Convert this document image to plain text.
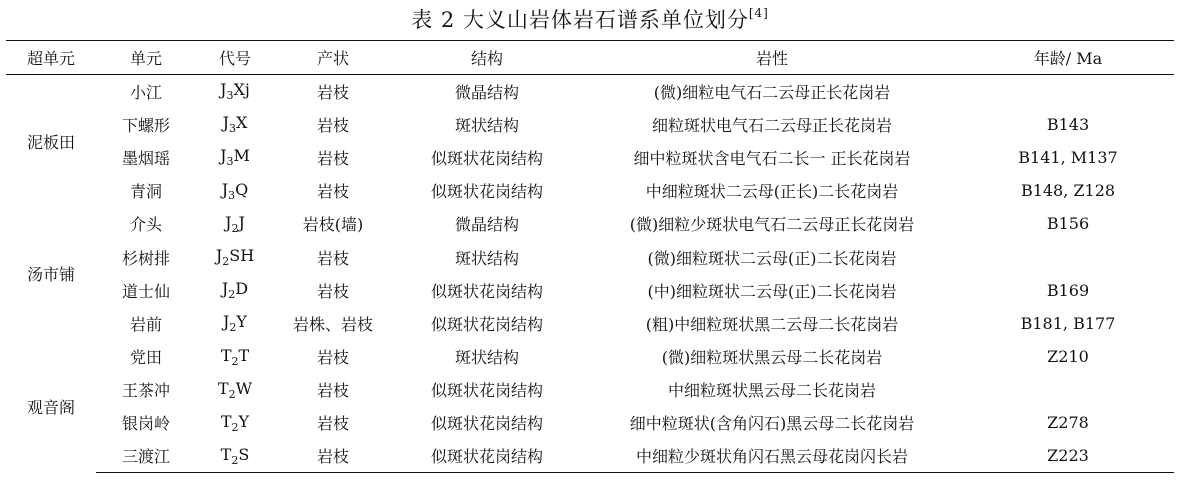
表 2 大义山岩体岩石谱系单位划分[4]
超单元	单元	代号	产状	结构	岩性	年龄/ Ma
泥板田	小江	$J_3Xj$	岩枝	微晶结构	(微)细粒电气石二云母正长花岗岩	
	下螺形	$J_3X$	岩枝	斑状结构	细粒斑状电气石二云母正长花岗岩	B143
	墨烟瑶	$J_3M$	岩枝	似斑状花岗结构	细中粒斑状含电气石二长一 正长花岗岩	B141, M137
	青洞	$J_3Q$	岩枝	似斑状花岗结构	中细粒斑状二云母(正长)二长花岗岩	B148, Z128
汤市铺	介头	$J_2J$	岩枝(墙)	微晶结构	(微)细粒少斑状电气石二云母正长花岗岩	B156
	杉树排	$J_2SH$	岩枝	斑状结构	(微)细粒斑状二云母(正)二长花岗岩	
	道士仙	$J_2D$	岩枝	似斑状花岗结构	(中)细粒斑状二云母(正)二长花岗岩	B169
	岩前	$J_2Y$	岩株、岩枝	似斑状花岗结构	(粗)中细粒斑状黑二云母二长花岗岩	B181, B177
观音阁	党田	$T_2T$	岩枝	斑状结构	(微)细粒斑状黑云母二长花岗岩	Z210
	王茶冲	$T_2W$	岩枝	似斑状花岗结构	中细粒斑状黑云母二长花岗岩	
	银岗岭	$T_2Y$	岩枝	似斑状花岗结构	细中粒斑状(含角闪石)黑云母二长花岗岩	Z278
	三渡江	$T_2S$	岩枝	似斑状花岗结构	中细粒少斑状角闪石黑云母花岗闪长岩	Z223
